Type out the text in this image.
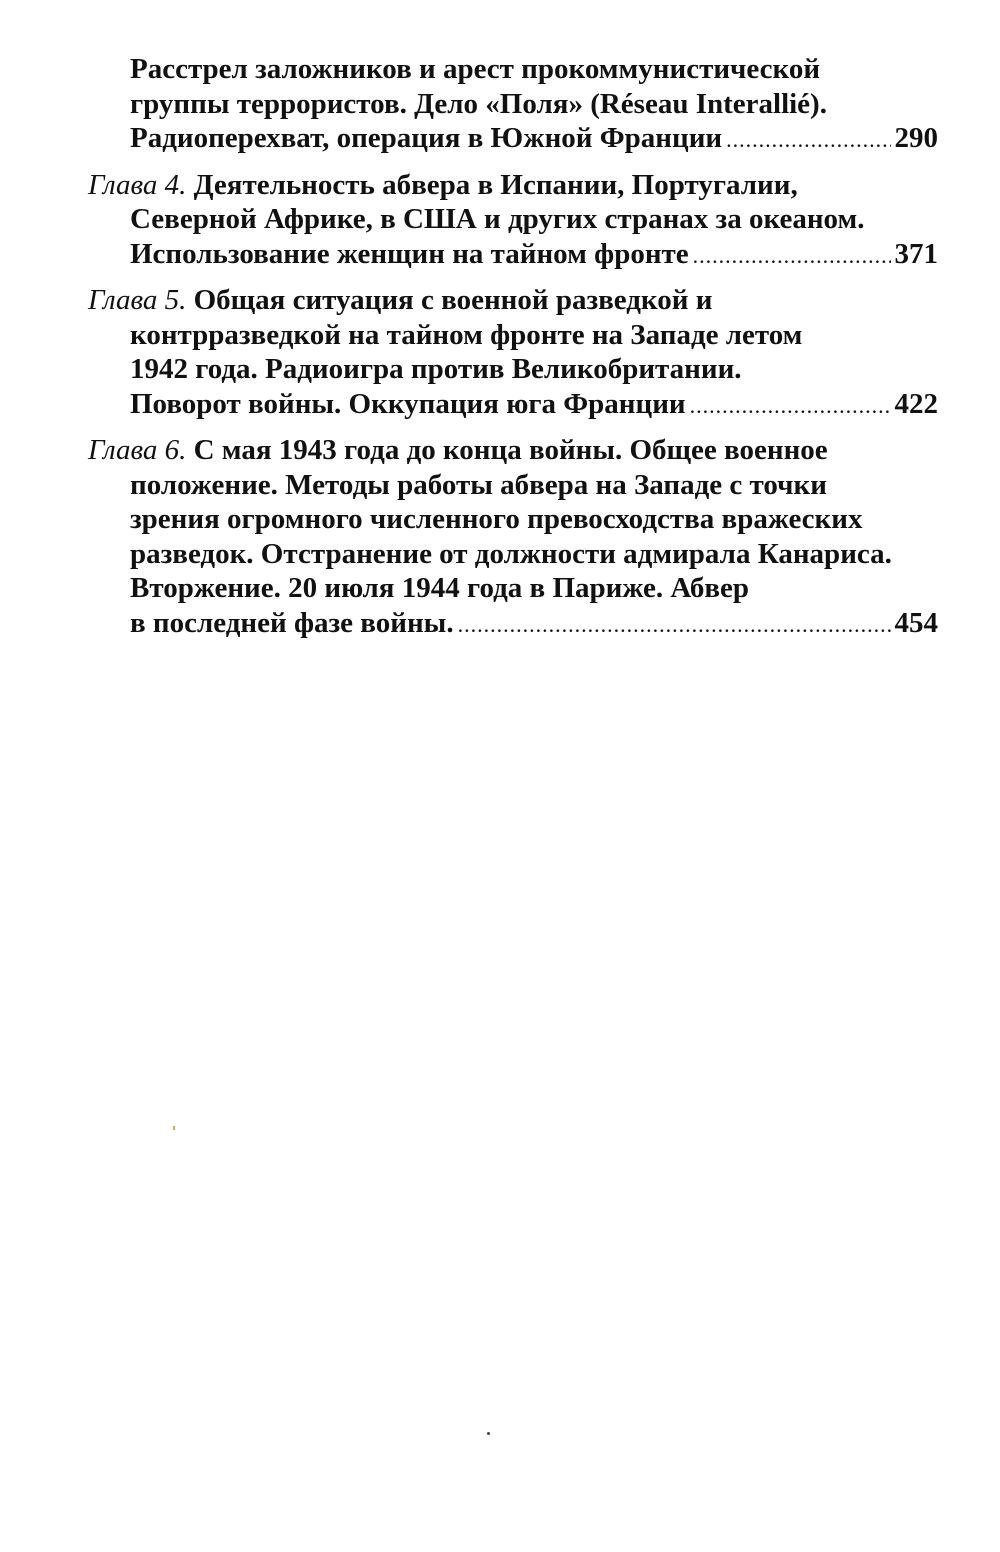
Расстрел заложников и арест прокоммунистической
группы террористов. Дело «Поля» (Réseau Interallié).
Радиоперехват, операция в Южной Франции .....	290
Глава 4. Деятельность абвера в Испании, Португалии,
Северной Африке, в США и других странах за океаном.
Использование женщин на тайном фронте .....	371
Глава 5. Общая ситуация с военной разведкой и
контрразведкой на тайном фронте на Западе летом
1942 года. Радиоигра против Великобритании.
Поворот войны. Оккупация юга Франции .....	422
Глава 6. С мая 1943 года до конца войны. Общее военное
положение. Методы работы абвера на Западе с точки
зрения огромного численного превосходства вражеских
разведок. Отстранение от должности адмирала Канариса.
Вторжение. 20 июля 1944 года в Париже. Абвер
в последней фазе войны. .....	454
